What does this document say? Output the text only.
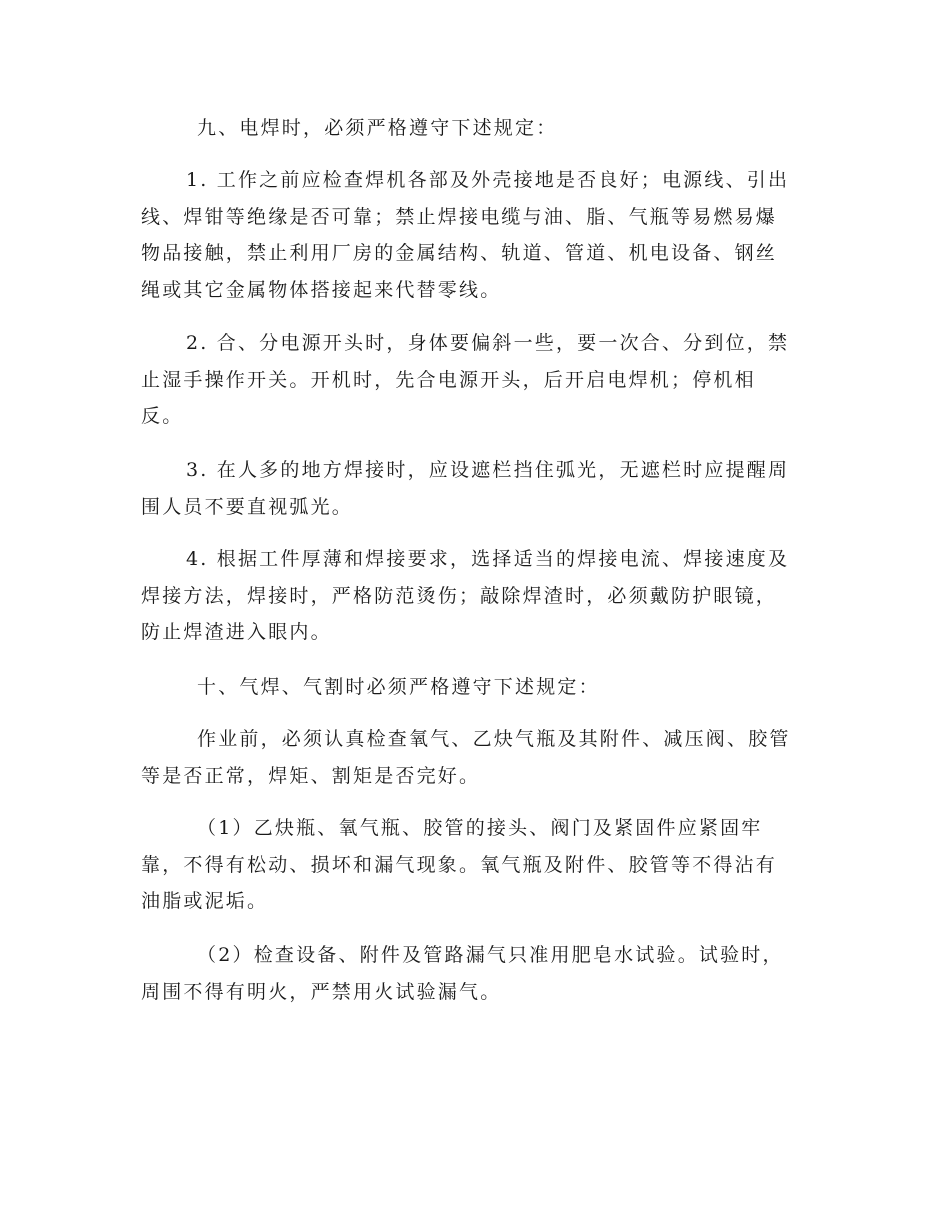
九、电焊时，必须严格遵守下述规定：

1. 工作之前应检查焊机各部及外壳接地是否良好；电源线、引出
线、焊钳等绝缘是否可靠；禁止焊接电缆与油、脂、气瓶等易燃易爆
物品接触，禁止利用厂房的金属结构、轨道、管道、机电设备、钢丝
绳或其它金属物体搭接起来代替零线。

2. 合、分电源开头时，身体要偏斜一些，要一次合、分到位，禁
止湿手操作开关。开机时，先合电源开头，后开启电焊机；停机相
反。

3. 在人多的地方焊接时，应设遮栏挡住弧光，无遮栏时应提醒周
围人员不要直视弧光。

4. 根据工件厚薄和焊接要求，选择适当的焊接电流、焊接速度及
焊接方法，焊接时，严格防范烫伤；敲除焊渣时，必须戴防护眼镜，
防止焊渣进入眼内。

十、气焊、气割时必须严格遵守下述规定：

作业前，必须认真检查氧气、乙炔气瓶及其附件、减压阀、胶管
等是否正常，焊矩、割矩是否完好。

（1）乙炔瓶、氧气瓶、胶管的接头、阀门及紧固件应紧固牢
靠，不得有松动、损坏和漏气现象。氧气瓶及附件、胶管等不得沾有
油脂或泥垢。

（2）检查设备、附件及管路漏气只准用肥皂水试验。试验时，
周围不得有明火，严禁用火试验漏气。
